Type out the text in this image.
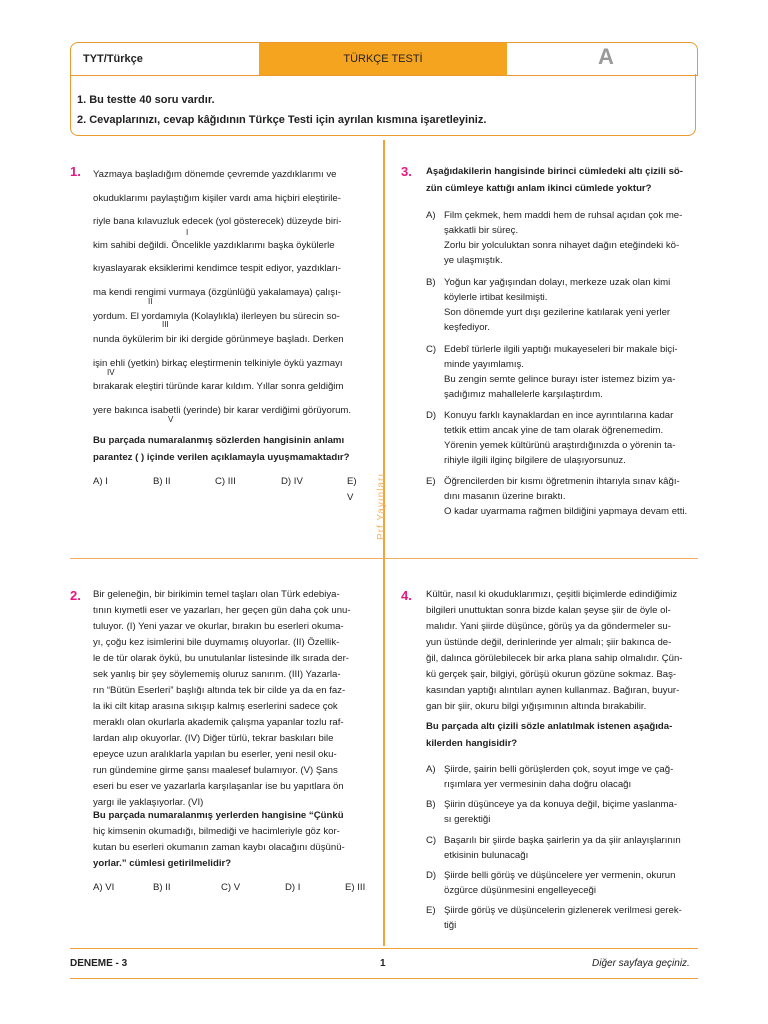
TYT/Türkçe	TÜRKÇE TESTİ	A

1. Bu testte 40 soru vardır.

2. Cevaplarınızı, cevap kâğıdının Türkçe Testi için ayrılan kısmına işaretleyiniz.

Prf Yayınları
1. Yazmaya başladığım dönemde çevremde yazdıklarımı ve

okuduklarımı paylaştığım kişiler vardı ama hiçbiri eleştirile-

riyle bana kılavuzluk edecek (yol gösterecek) düzeyde biri-

kim sahibi değildi. Öncelikle yazdıklarımı başka öykülerle

kıyaslayarak eksiklerimi kendimce tespit ediyor, yazdıkları-

ma kendi rengimi vurmaya (özgünlüğü yakalamaya) çalışı-

yordum. El yordamıyla (Kolaylıkla) ilerleyen bu sürecin so-

nunda öykülerim bir iki dergide görünmeye başladı. Derken

işin ehli (yetkin) birkaç eleştirmenin telkiniyle öykü yazmayı

bırakarak eleştiri türünde karar kıldım. Yıllar sonra geldiğim

yere bakınca isabetli (yerinde) bir karar verdiğimi görüyorum.

I
II
III
IV
V

Bu parçada numaralanmış sözlerden hangisinin anlamı

parantez ( ) içinde verilen açıklamayla uyuşmamaktadır?

A) I	B) II	C) III	D) IV	E) V
2. Bir geleneğin, bir birikimin temel taşları olan Türk edebiya-

tının kıymetli eser ve yazarları, her geçen gün daha çok unu-

tuluyor. (I) Yeni yazar ve okurlar, bırakın bu eserleri okuma-

yı, çoğu kez isimlerini bile duymamış oluyorlar. (II) Özellik-

le de tür olarak öykü, bu unutulanlar listesinde ilk sırada der-

sek yanlış bir şey söylememiş oluruz sanırım. (III) Yazarla-

rın “Bütün Eserleri” başlığı altında tek bir cilde ya da en faz-

la iki cilt kitap arasına sıkışıp kalmış eserlerini sadece çok

meraklı olan okurlarla akademik çalışma yapanlar tozlu raf-

lardan alıp okuyorlar. (IV) Diğer türlü, tekrar baskıları bile

epeyce uzun aralıklarla yapılan bu eserler, yeni nesil oku-

run gündemine girme şansı maalesef bulamıyor. (V) Şans

eseri bu eser ve yazarlarla karşılaşanlar ise bu yapıtlara ön

yargı ile yaklaşıyorlar. (VI)

Bu parçada numaralanmış yerlerden hangisine “Çünkü

hiç kimsenin okumadığı, bilmediği ve hacimleriyle göz kor-

kutan bu eserleri okumanın zaman kaybı olacağını düşünü-

yorlar.” cümlesi getirilmelidir?

A) VI	B) II	C) V	D) I	E) III
3. Aşağıdakilerin hangisinde birinci cümledeki altı çizili sö-

zün cümleye kattığı anlam ikinci cümlede yoktur?

A) Film çekmek, hem maddi hem de ruhsal açıdan çok me-

şakkatli bir süreç.

Zorlu bir yolculuktan sonra nihayet dağın eteğindeki kö-

ye ulaşmıştık.

B) Yoğun kar yağışından dolayı, merkeze uzak olan kimi

köylerle irtibat kesilmişti.

Son dönemde yurt dışı gezilerine katılarak yeni yerler

keşfediyor.

C) Edebî türlerle ilgili yaptığı mukayeseleri bir makale biçi-

minde yayımlamış.

Bu zengin semte gelince burayı ister istemez bizim ya-

şadığımız mahallelerle karşılaştırdım.

D) Konuyu farklı kaynaklardan en ince ayrıntılarına kadar

tetkik ettim ancak yine de tam olarak öğrenemedim.

Yörenin yemek kültürünü araştırdığınızda o yörenin ta-

rihiyle ilgili ilginç bilgilere de ulaşıyorsunuz.

E) Öğrencilerden bir kısmı öğretmenin ihtarıyla sınav kâğı-

dını masanın üzerine bıraktı.

O kadar uyarmama rağmen bildiğini yapmaya devam etti.

4. Kültür, nasıl ki okuduklarımızı, çeşitli biçimlerde edindiğimiz

bilgileri unuttuktan sonra bizde kalan şeyse şiir de öyle ol-

malıdır. Yani şiirde düşünce, görüş ya da göndermeler su-

yun üstünde değil, derinlerinde yer almalı; şiir bakınca de-

ğil, dalınca görülebilecek bir arka plana sahip olmalıdır. Çün-

kü gerçek şair, bilgiyi, görüşü okurun gözüne sokmaz. Baş-

kasından yaptığı alıntıları aynen kullanmaz. Bağıran, buyur-

gan bir şiir, okuru bilgi yığışımının altında bırakabilir.

Bu parçada altı çizili sözle anlatılmak istenen aşağıda-

kilerden hangisidir?

A) Şiirde, şairin belli görüşlerden çok, soyut imge ve çağ-

rışımlara yer vermesinin daha doğru olacağı

B) Şiirin düşünceye ya da konuya değil, biçime yaslanma-

sı gerektiği

C) Başarılı bir şiirde başka şairlerin ya da şiir anlayışlarının

etkisinin bulunacağı

D) Şiirde belli görüş ve düşüncelere yer vermenin, okurun

özgürce düşünmesini engelleyeceği

E) Şiirde görüş ve düşüncelerin gizlenerek verilmesi gerek-

tiği

DENEME - 3	1	Diğer sayfaya geçiniz.
